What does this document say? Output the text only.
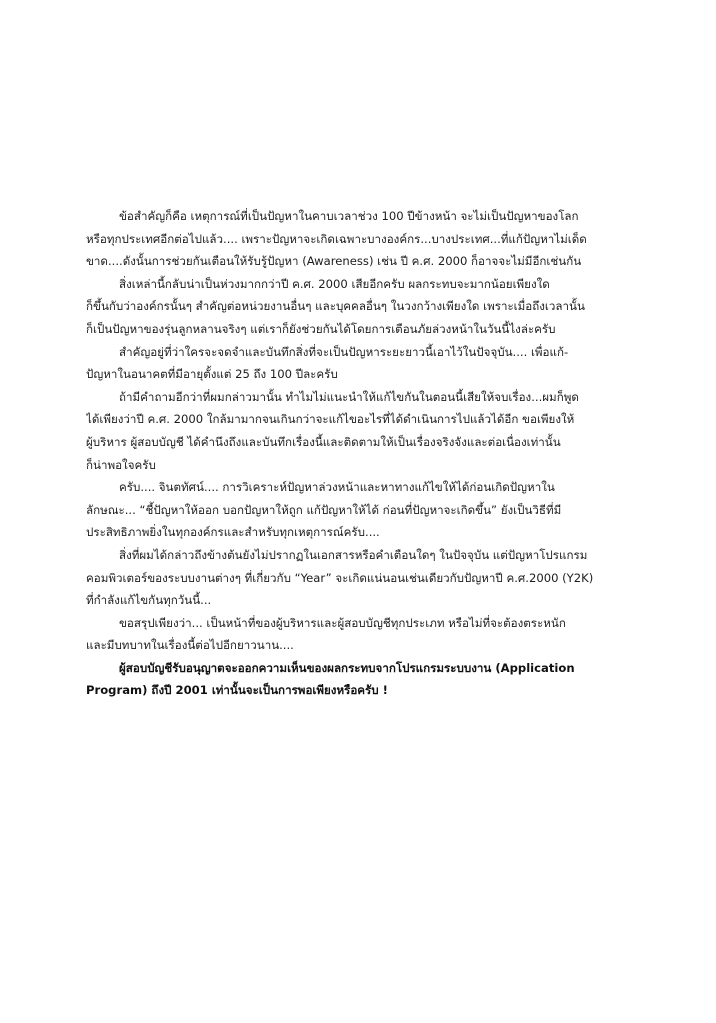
ข้อสำคัญก็คือ เหตุการณ์ที่เป็นปัญหาในคาบเวลาช่วง 100 ปีข้างหน้า จะไม่เป็นปัญหาของโลก
หรือทุกประเทศอีกต่อไปแล้ว.... เพราะปัญหาจะเกิดเฉพาะบางองค์กร...บางประเทศ...ที่แก้ปัญหาไม่เด็ด
ขาด....ดังนั้นการช่วยกันเตือนให้รับรู้ปัญหา (Awareness) เช่น ปี ค.ศ. 2000 ก็อาจจะไม่มีอีกเช่นกัน
สิ่งเหล่านี้กลับน่าเป็นห่วงมากกว่าปี ค.ศ. 2000 เสียอีกครับ ผลกระทบจะมากน้อยเพียงใด
ก็ขึ้นกับว่าองค์กรนั้นๆ สำคัญต่อหน่วยงานอื่นๆ และบุคคลอื่นๆ ในวงกว้างเพียงใด เพราะเมื่อถึงเวลานั้น
ก็เป็นปัญหาของรุ่นลูกหลานจริงๆ แต่เราก็ยังช่วยกันได้โดยการเตือนภัยล่วงหน้าในวันนี้ไงล่ะครับ
สำคัญอยู่ที่ว่าใครจะจดจำและบันทึกสิ่งที่จะเป็นปัญหาระยะยาวนี้เอาไว้ในปัจจุบัน.... เพื่อแก้-
ปัญหาในอนาคตที่มีอายุตั้งแต่ 25 ถึง 100 ปีละครับ
ถ้ามีคำถามอีกว่าที่ผมกล่าวมานั้น ทำไมไม่แนะนำให้แก้ไขกันในตอนนี้เสียให้จบเรื่อง...ผมก็พูด
ได้เพียงว่าปี ค.ศ. 2000 ใกล้มามากจนเกินกว่าจะแก้ไขอะไรที่ได้ดำเนินการไปแล้วได้อีก ขอเพียงให้
ผู้บริหาร ผู้สอบบัญชี ได้คำนึงถึงและบันทึกเรื่องนี้และติดตามให้เป็นเรื่องจริงจังและต่อเนื่องเท่านั้น
ก็น่าพอใจครับ
ครับ.... จินตทัศน์.... การวิเคราะห์ปัญหาล่วงหน้าและหาทางแก้ไขให้ได้ก่อนเกิดปัญหาใน
ลักษณะ... “ชี้ปัญหาให้ออก บอกปัญหาให้ถูก แก้ปัญหาให้ได้ ก่อนที่ปัญหาจะเกิดขึ้น” ยังเป็นวิธีที่มี
ประสิทธิภาพยิ่งในทุกองค์กรและสำหรับทุกเหตุการณ์ครับ....
สิ่งที่ผมได้กล่าวถึงข้างต้นยังไม่ปรากฏในเอกสารหรือคำเตือนใดๆ ในปัจจุบัน แต่ปัญหาโปรแกรม
คอมพิวเตอร์ของระบบงานต่างๆ ที่เกี่ยวกับ “Year” จะเกิดแน่นอนเช่นเดียวกับปัญหาปี ค.ศ.2000 (Y2K)
ที่กำลังแก้ไขกันทุกวันนี้...
ขอสรุปเพียงว่า... เป็นหน้าที่ของผู้บริหารและผู้สอบบัญชีทุกประเภท หรือไม่ที่จะต้องตระหนัก
และมีบทบาทในเรื่องนี้ต่อไปอีกยาวนาน....
ผู้สอบบัญชีรับอนุญาตจะออกความเห็นของผลกระทบจากโปรแกรมระบบงาน (Application
Program) ถึงปี 2001 เท่านั้นจะเป็นการพอเพียงหรือครับ !
